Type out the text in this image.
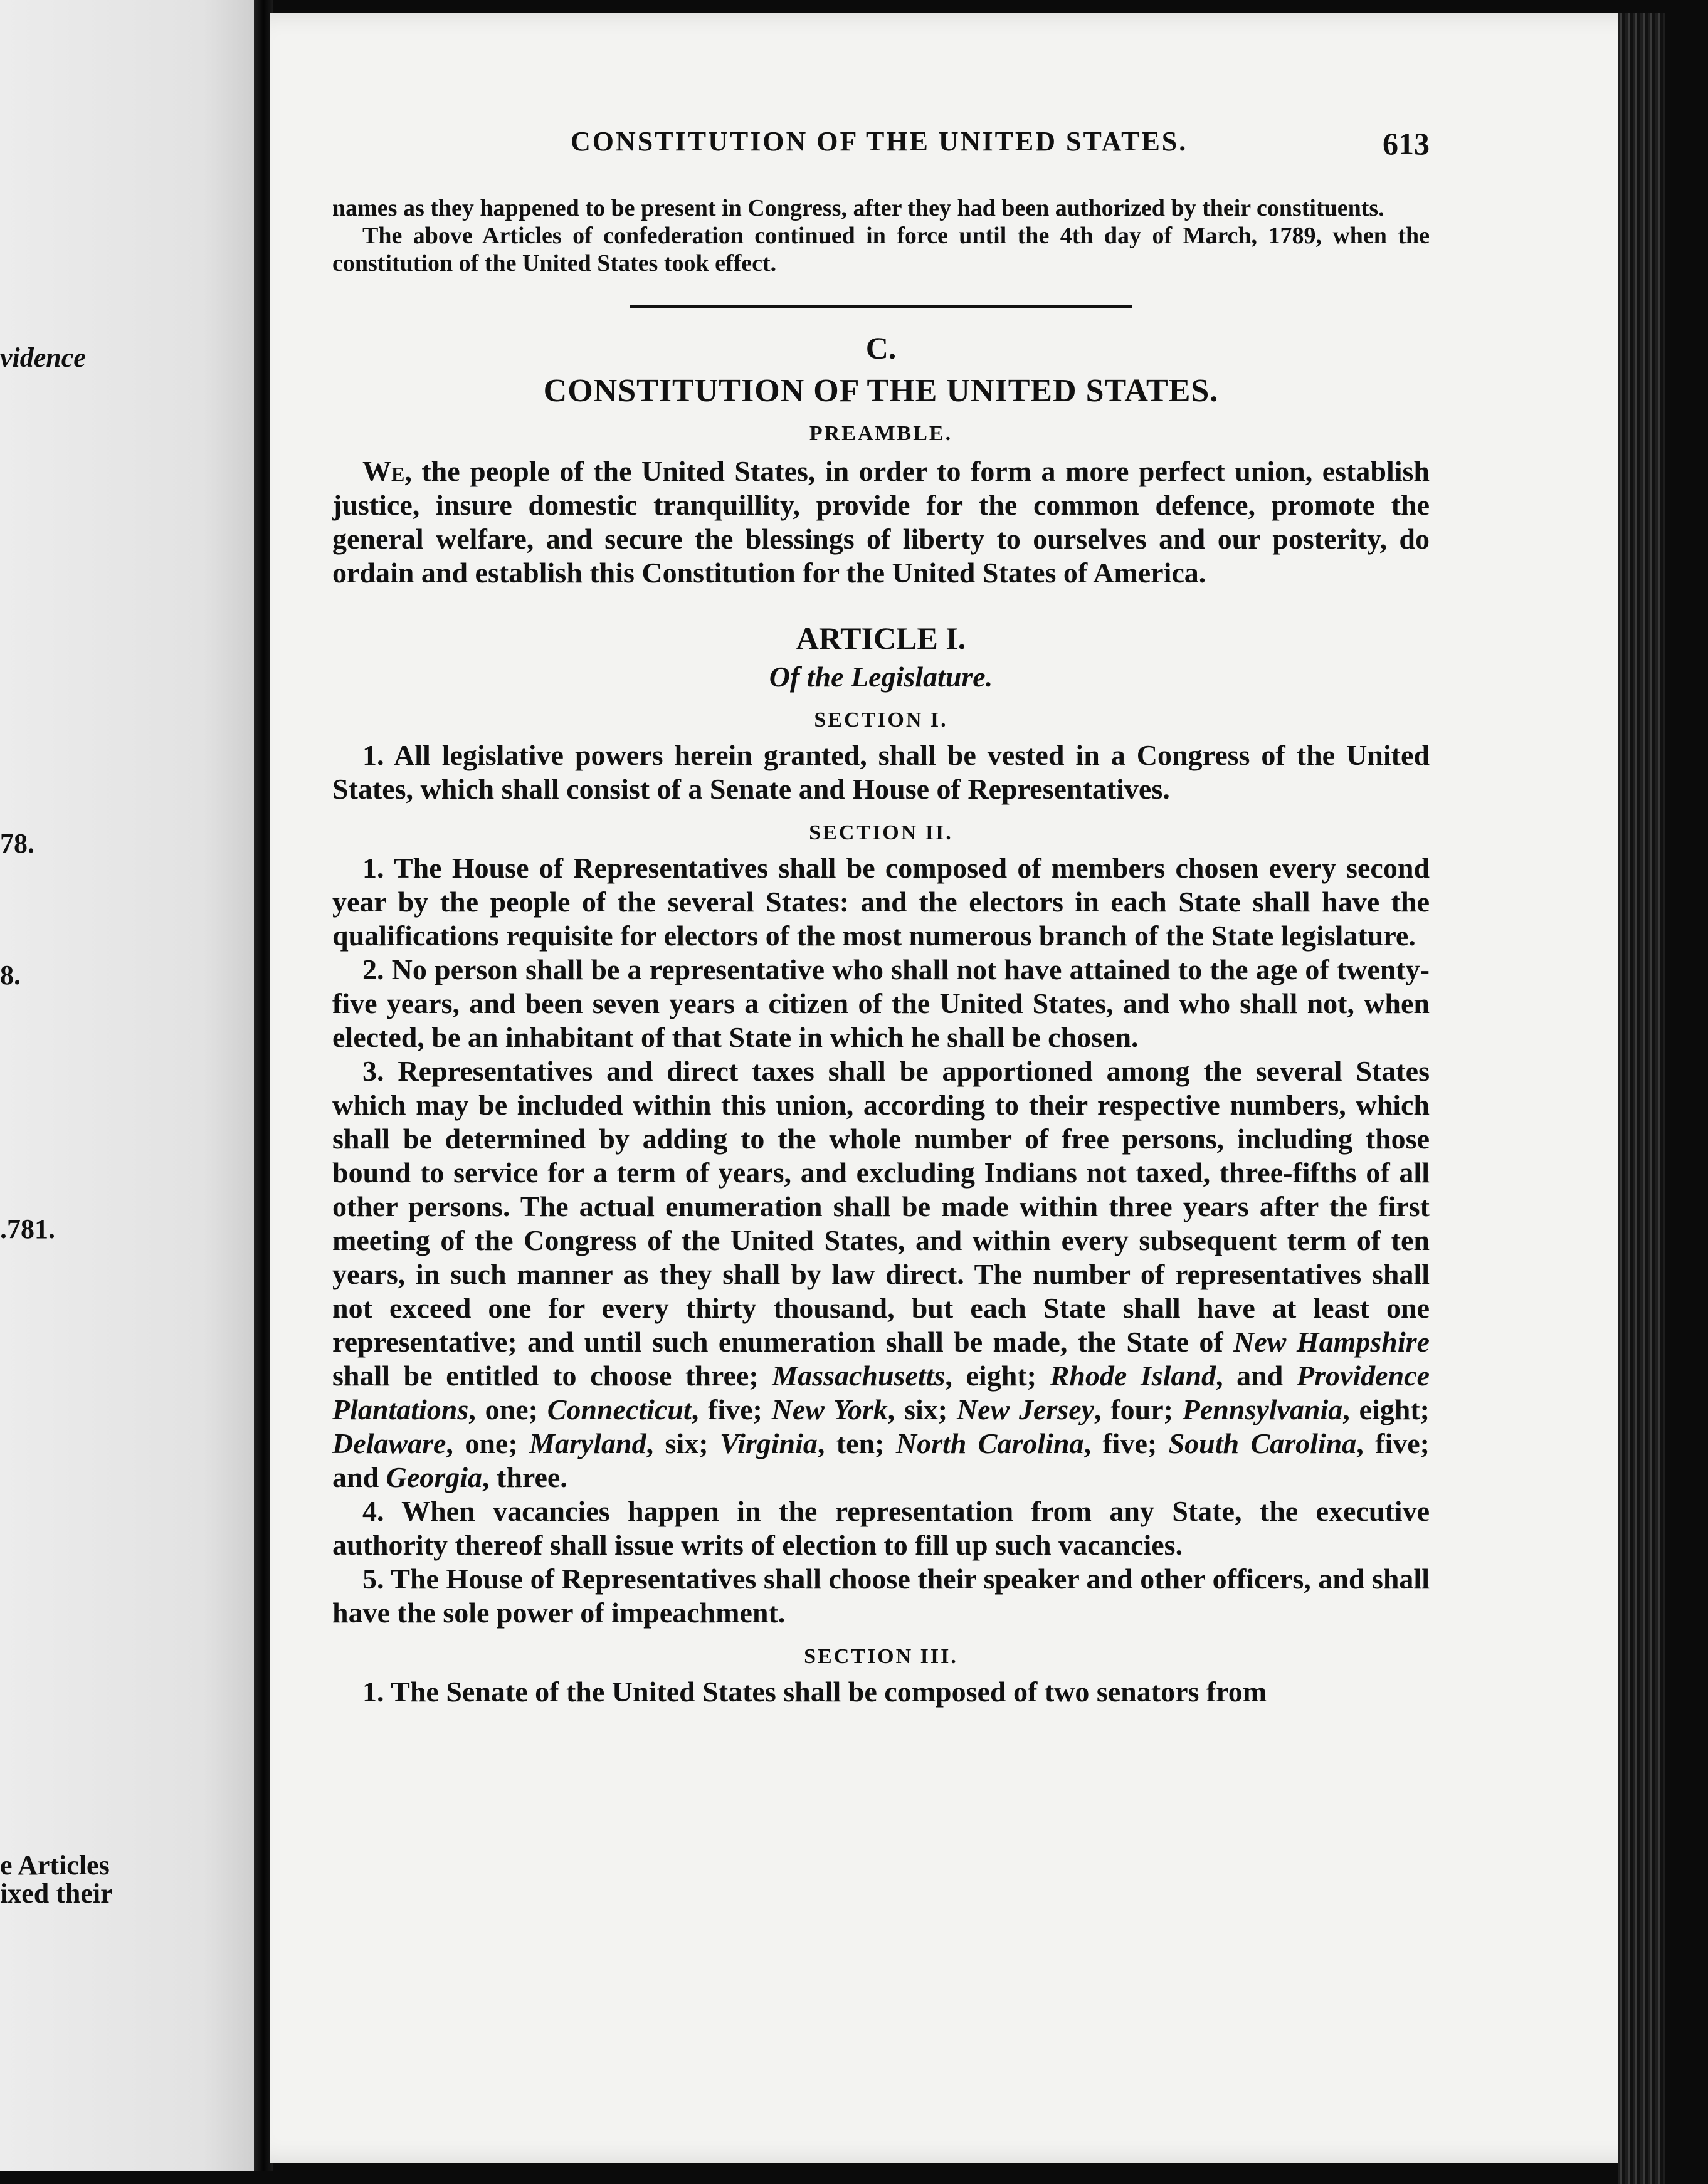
vidence
78.
8.
.781.
e Articles
ixed their
CONSTITUTION OF THE UNITED STATES.	613

names as they happened to be present in Congress, after they had been authorized by their constituents.

The above Articles of confederation continued in force until the 4th day of March, 1789, when the constitution of the United States took effect.

C.

CONSTITUTION OF THE UNITED STATES.

PREAMBLE.

We, the people of the United States, in order to form a more perfect union, establish justice, insure domestic tranquillity, provide for the common defence, promote the general welfare, and secure the blessings of liberty to ourselves and our posterity, do ordain and establish this Constitution for the United States of America.

ARTICLE I.

Of the Legislature.

SECTION I.

1. All legislative powers herein granted, shall be vested in a Congress of the United States, which shall consist of a Senate and House of Representatives.

SECTION II.

1. The House of Representatives shall be composed of members chosen every second year by the people of the several States: and the electors in each State shall have the qualifications requisite for electors of the most numerous branch of the State legislature.

2. No person shall be a representative who shall not have attained to the age of twenty-five years, and been seven years a citizen of the United States, and who shall not, when elected, be an inhabitant of that State in which he shall be chosen.

3. Representatives and direct taxes shall be apportioned among the several States which may be included within this union, according to their respective numbers, which shall be determined by adding to the whole number of free persons, including those bound to service for a term of years, and excluding Indians not taxed, three-fifths of all other persons. The actual enumeration shall be made within three years after the first meeting of the Congress of the United States, and within every subsequent term of ten years, in such manner as they shall by law direct. The number of representatives shall not exceed one for every thirty thousand, but each State shall have at least one representative; and until such enumeration shall be made, the State of New Hampshire shall be entitled to choose three; Massachusetts, eight; Rhode Island, and Providence Plantations, one; Connecticut, five; New York, six; New Jersey, four; Pennsylvania, eight; Delaware, one; Maryland, six; Virginia, ten; North Carolina, five; South Carolina, five; and Georgia, three.

4. When vacancies happen in the representation from any State, the executive authority thereof shall issue writs of election to fill up such vacancies.

5. The House of Representatives shall choose their speaker and other officers, and shall have the sole power of impeachment.

SECTION III.

1. The Senate of the United States shall be composed of two senators from
